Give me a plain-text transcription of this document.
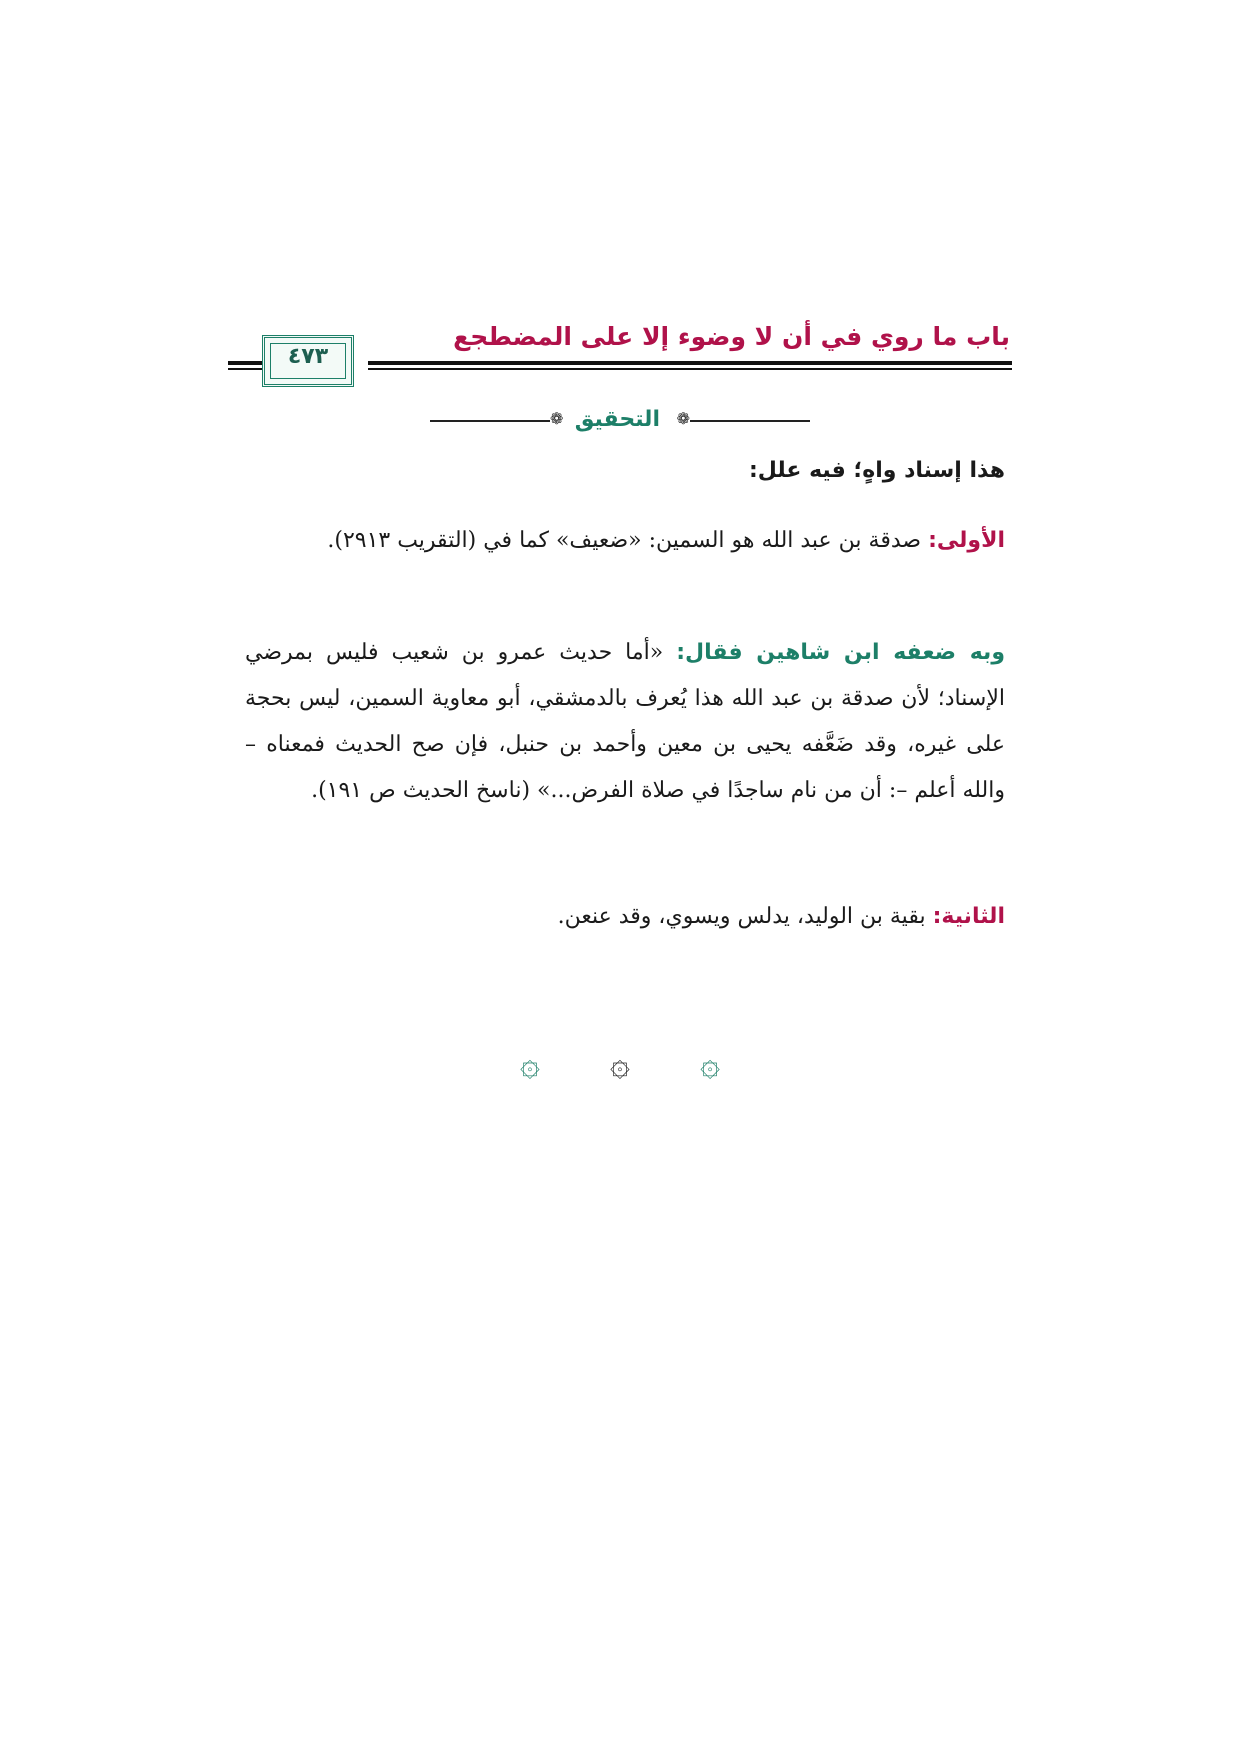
باب ما روي في أن لا وضوء إلا على المضطجع
٤٧٣
❁ التحقيق ❁
هذا إسناد واهٍ؛ فيه علل:
الأولى: صدقة بن عبد الله هو السمين: «ضعيف» كما في (التقريب ٢٩١٣).
وبه ضعفه ابن شاهين فقال: «أما حديث عمرو بن شعيب فليس بمرضي الإسناد؛ لأن صدقة بن عبد الله هذا يُعرف بالدمشقي، أبو معاوية السمين، ليس بحجة على غيره، وقد ضَعَّفه يحيى بن معين وأحمد بن حنبل، فإن صح الحديث فمعناه – والله أعلم –: أن من نام ساجدًا في صلاة الفرض...» (ناسخ الحديث ص ١٩١).
الثانية: بقية بن الوليد، يدلس ويسوي، وقد عنعن.
۞ ۞ ۞
